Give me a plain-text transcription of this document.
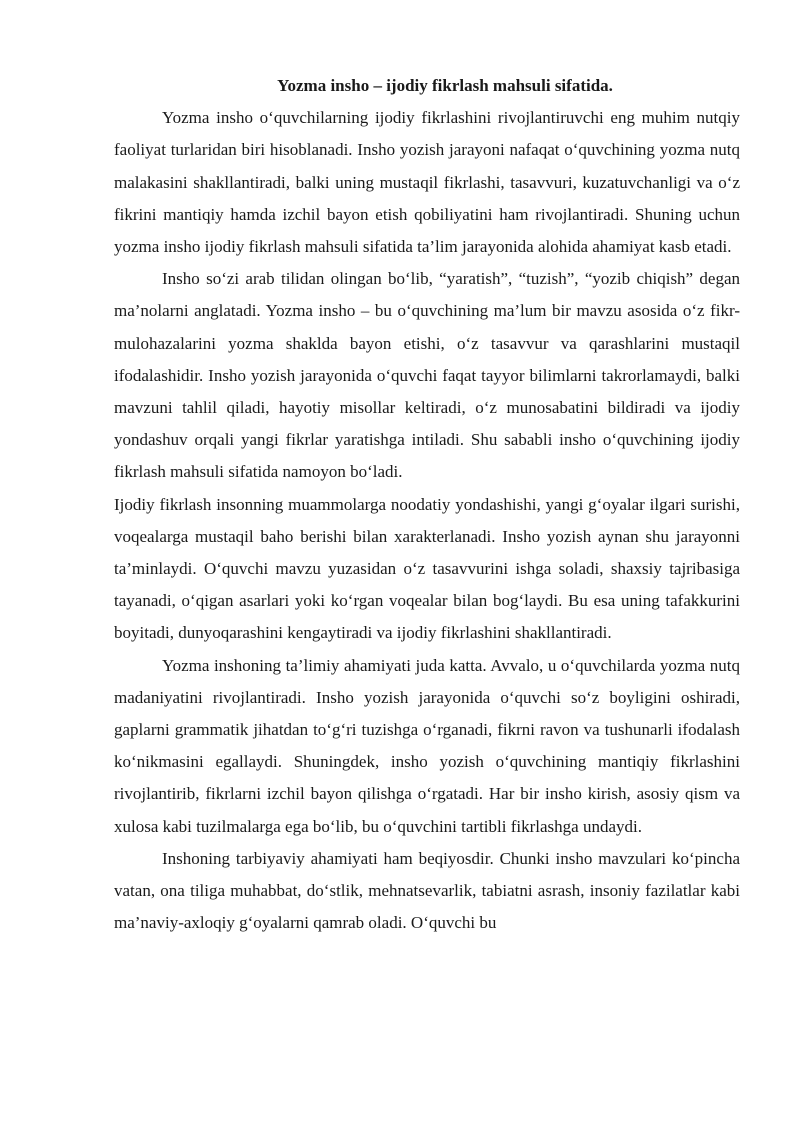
Yozma insho – ijodiy fikrlash mahsuli sifatida.

Yozma insho o‘quvchilarning ijodiy fikrlashini rivojlantiruvchi eng muhim nutqiy faoliyat turlaridan biri hisoblanadi. Insho yozish jarayoni nafaqat o‘quvchining yozma nutq malakasini shakllantiradi, balki uning mustaqil fikrlashi, tasavvuri, kuzatuvchanligi va o‘z fikrini mantiqiy hamda izchil bayon etish qobiliyatini ham rivojlantiradi. Shuning uchun yozma insho ijodiy fikrlash mahsuli sifatida ta’lim jarayonida alohida ahamiyat kasb etadi.

Insho so‘zi arab tilidan olingan bo‘lib, “yaratish”, “tuzish”, “yozib chiqish” degan ma’nolarni anglatadi. Yozma insho – bu o‘quvchining ma’lum bir mavzu asosida o‘z fikr-mulohazalarini yozma shaklda bayon etishi, o‘z tasavvur va qarashlarini mustaqil ifodalashidir. Insho yozish jarayonida o‘quvchi faqat tayyor bilimlarni takrorlamaydi, balki mavzuni tahlil qiladi, hayotiy misollar keltiradi, o‘z munosabatini bildiradi va ijodiy yondashuv orqali yangi fikrlar yaratishga intiladi. Shu sababli insho o‘quvchining ijodiy fikrlash mahsuli sifatida namoyon bo‘ladi.

Ijodiy fikrlash insonning muammolarga noodatiy yondashishi, yangi g‘oyalar ilgari surishi, voqealarga mustaqil baho berishi bilan xarakterlanadi. Insho yozish aynan shu jarayonni ta’minlaydi. O‘quvchi mavzu yuzasidan o‘z tasavvurini ishga soladi, shaxsiy tajribasiga tayanadi, o‘qigan asarlari yoki ko‘rgan voqealar bilan bog‘laydi. Bu esa uning tafakkurini boyitadi, dunyoqarashini kengaytiradi va ijodiy fikrlashini shakllantiradi.

Yozma inshoning ta’limiy ahamiyati juda katta. Avvalo, u o‘quvchilarda yozma nutq madaniyatini rivojlantiradi. Insho yozish jarayonida o‘quvchi so‘z boyligini oshiradi, gaplarni grammatik jihatdan to‘g‘ri tuzishga o‘rganadi, fikrni ravon va tushunarli ifodalash ko‘nikmasini egallaydi. Shuningdek, insho yozish o‘quvchining mantiqiy fikrlashini rivojlantirib, fikrlarni izchil bayon qilishga o‘rgatadi. Har bir insho kirish, asosiy qism va xulosa kabi tuzilmalarga ega bo‘lib, bu o‘quvchini tartibli fikrlashga undaydi.

Inshoning tarbiyaviy ahamiyati ham beqiyosdir. Chunki insho mavzulari ko‘pincha vatan, ona tiliga muhabbat, do‘stlik, mehnatsevarlik, tabiatni asrash, insoniy fazilatlar kabi ma’naviy-axloqiy g‘oyalarni qamrab oladi. O‘quvchi bu
